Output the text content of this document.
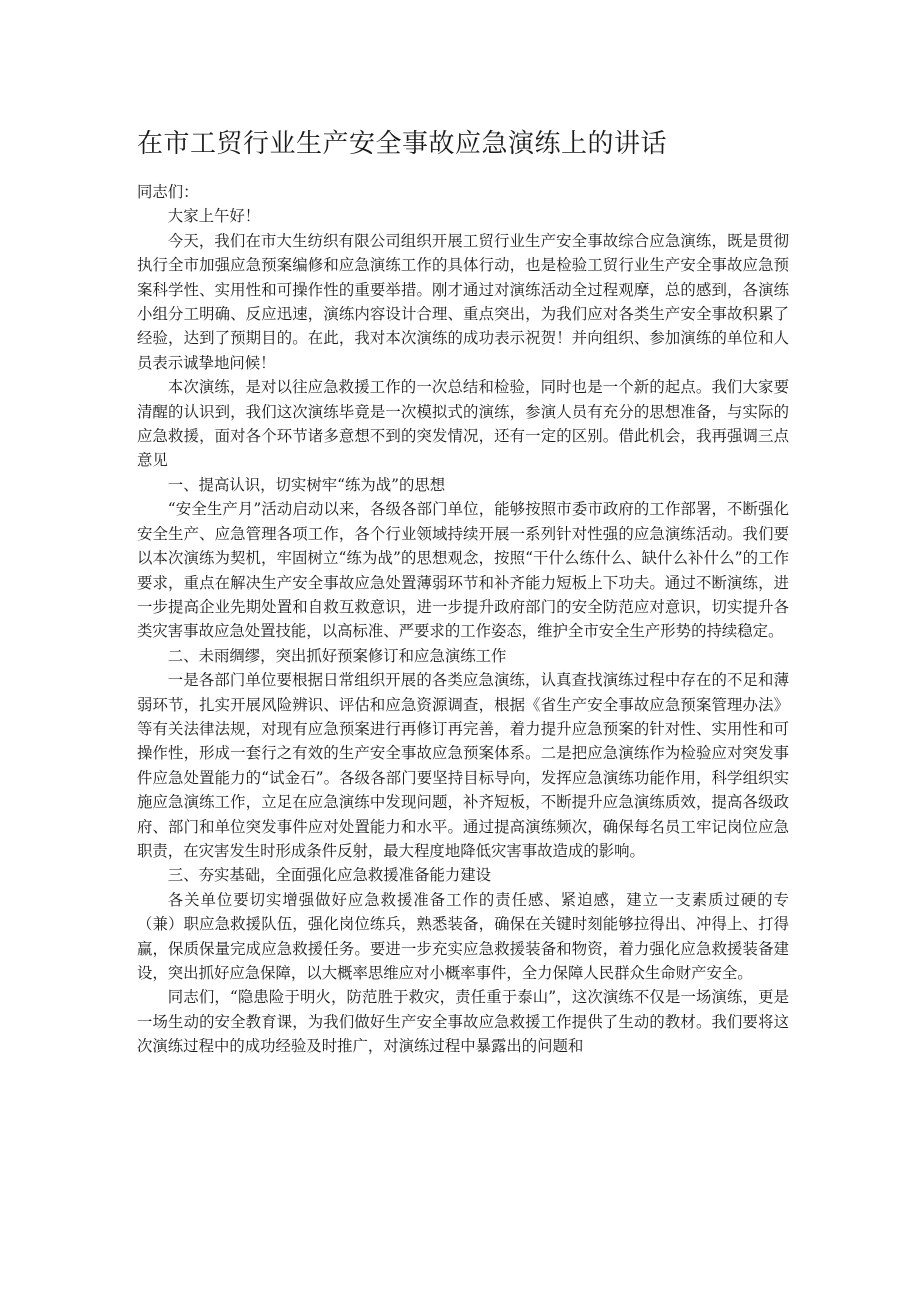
在市工贸行业生产安全事故应急演练上的讲话

同志们：

大家上午好！

今天，我们在市大生纺织有限公司组织开展工贸行业生产安全事故综合应急演练，既是贯彻执行全市加强应急预案编修和应急演练工作的具体行动，也是检验工贸行业生产安全事故应急预案科学性、实用性和可操作性的重要举措。刚才通过对演练活动全过程观摩，总的感到，各演练小组分工明确、反应迅速，演练内容设计合理、重点突出，为我们应对各类生产安全事故积累了经验，达到了预期目的。在此，我对本次演练的成功表示祝贺！并向组织、参加演练的单位和人员表示诚挚地问候！

本次演练，是对以往应急救援工作的一次总结和检验，同时也是一个新的起点。我们大家要清醒的认识到，我们这次演练毕竟是一次模拟式的演练，参演人员有充分的思想准备，与实际的应急救援，面对各个环节诸多意想不到的突发情况，还有一定的区别。借此机会，我再强调三点意见

一、提高认识，切实树牢“练为战”的思想

“安全生产月”活动启动以来，各级各部门单位，能够按照市委市政府的工作部署，不断强化安全生产、应急管理各项工作，各个行业领域持续开展一系列针对性强的应急演练活动。我们要以本次演练为契机，牢固树立“练为战”的思想观念，按照“干什么练什么、缺什么补什么”的工作要求，重点在解决生产安全事故应急处置薄弱环节和补齐能力短板上下功夫。通过不断演练，进一步提高企业先期处置和自救互救意识，进一步提升政府部门的安全防范应对意识，切实提升各类灾害事故应急处置技能，以高标准、严要求的工作姿态，维护全市安全生产形势的持续稳定。

二、未雨绸缪，突出抓好预案修订和应急演练工作

一是各部门单位要根据日常组织开展的各类应急演练，认真查找演练过程中存在的不足和薄弱环节，扎实开展风险辨识、评估和应急资源调查，根据《省生产安全事故应急预案管理办法》等有关法律法规，对现有应急预案进行再修订再完善，着力提升应急预案的针对性、实用性和可操作性，形成一套行之有效的生产安全事故应急预案体系。二是把应急演练作为检验应对突发事件应急处置能力的“试金石”。各级各部门要坚持目标导向，发挥应急演练功能作用，科学组织实施应急演练工作，立足在应急演练中发现问题，补齐短板，不断提升应急演练质效，提高各级政府、部门和单位突发事件应对处置能力和水平。通过提高演练频次，确保每名员工牢记岗位应急职责，在灾害发生时形成条件反射，最大程度地降低灾害事故造成的影响。

三、夯实基础，全面强化应急救援准备能力建设

各关单位要切实增强做好应急救援准备工作的责任感、紧迫感，建立一支素质过硬的专（兼）职应急救援队伍，强化岗位练兵，熟悉装备，确保在关键时刻能够拉得出、冲得上、打得赢，保质保量完成应急救援任务。要进一步充实应急救援装备和物资，着力强化应急救援装备建设，突出抓好应急保障，以大概率思维应对小概率事件，全力保障人民群众生命财产安全。

同志们，“隐患险于明火，防范胜于救灾，责任重于泰山”，这次演练不仅是一场演练，更是一场生动的安全教育课，为我们做好生产安全事故应急救援工作提供了生动的教材。我们要将这次演练过程中的成功经验及时推广，对演练过程中暴露出的问题和
